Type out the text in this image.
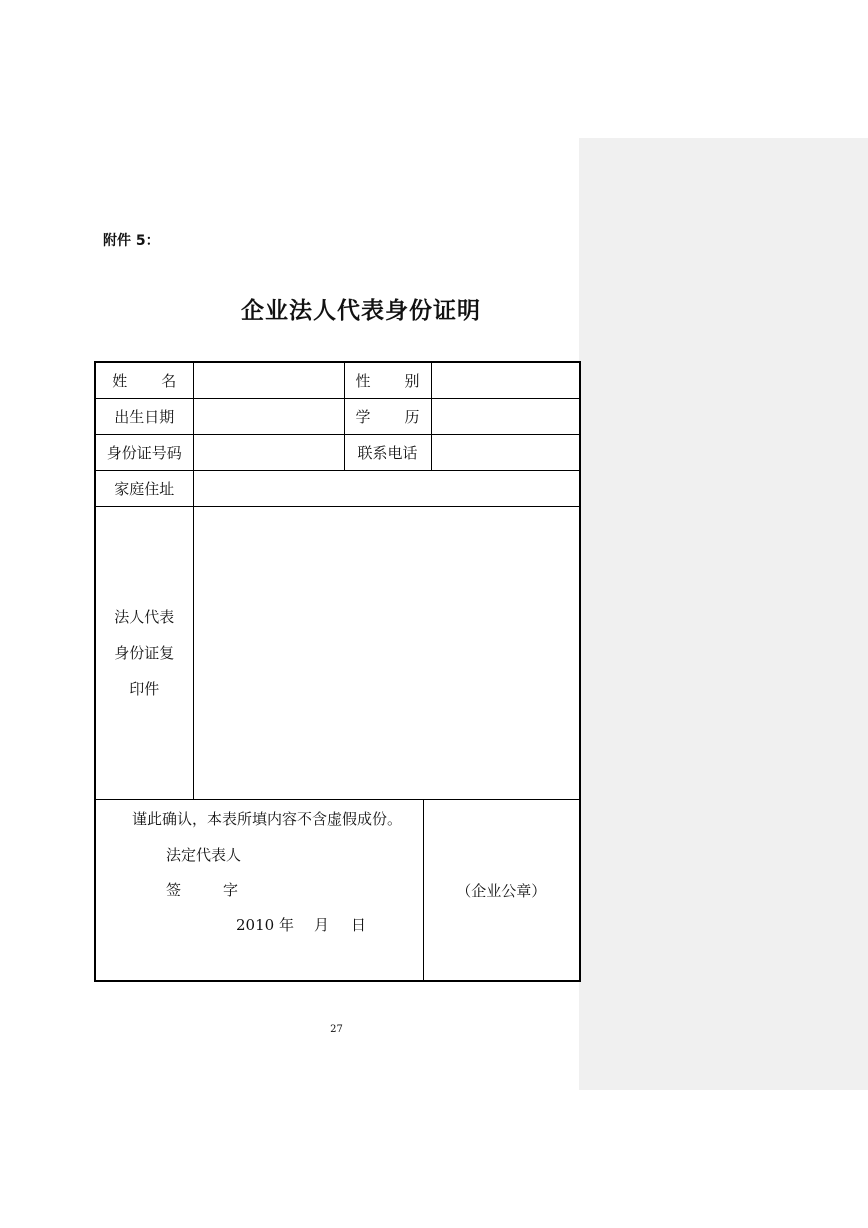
附件 5：
企业法人代表身份证明
姓 名		性 别		
出生日期		学 历		
身份证号码		联系电话		
家庭住址				

法人代表
身份证复
印件				

谨此确认，本表所填内容不含虚假成份。
法定代表人
签 字
2010 年 月 日			（企业公章）	
27
